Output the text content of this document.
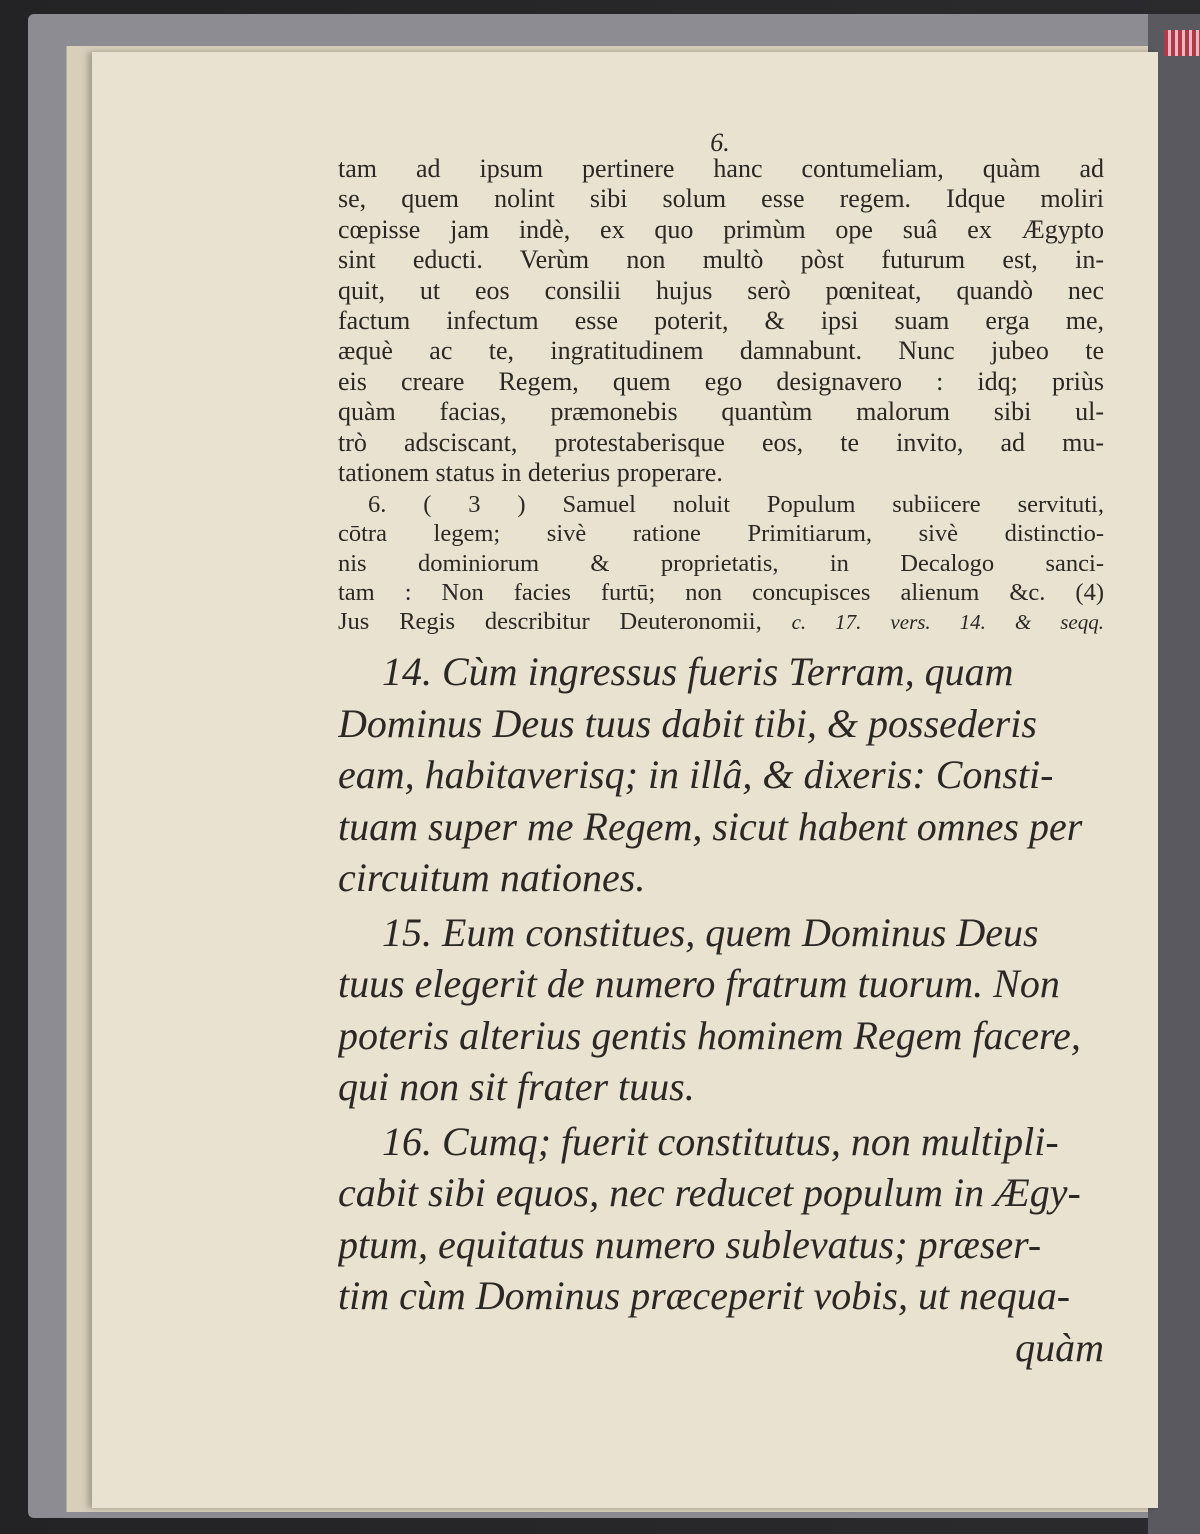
6.
tam ad ipsum pertinere hanc contumeliam, quàm ad
se, quem nolint sibi solum esse regem. Idque moliri
cœpisse jam indè, ex quo primùm ope suâ ex Ægypto
sint educti. Verùm non multò pòst futurum est, in-
quit, ut eos consilii hujus serò pœniteat, quandò nec
factum infectum esse poterit, & ipsi suam erga me,
æquè ac te, ingratitudinem damnabunt. Nunc jubeo te
eis creare Regem, quem ego designavero : idq; priùs
quàm facias, præmonebis quantùm malorum sibi ul-
trò adsciscant, protestaberisque eos, te invito, ad mu-
tationem status in deterius properare.
6. ( 3 ) Samuel noluit Populum subiicere servituti,
cōtra legem; sivè ratione Primitiarum, sivè distinctio-
nis dominiorum & proprietatis, in Decalogo sanci-
tam : Non facies furtū; non concupisces alienum &c. (4)
Jus Regis describitur Deuteronomii, c. 17. vers. 14. & seqq.
14. Cùm ingressus fueris Terram, quam
Dominus Deus tuus dabit tibi, & possederis
eam, habitaverisq; in illâ, & dixeris: Consti-
tuam super me Regem, sicut habent omnes per
circuitum nationes.
15. Eum constitues, quem Dominus Deus
tuus elegerit de numero fratrum tuorum. Non
poteris alterius gentis hominem Regem facere,
qui non sit frater tuus.
16. Cumq; fuerit constitutus, non multipli-
cabit sibi equos, nec reducet populum in Ægy-
ptum, equitatus numero sublevatus; præser-
tim cùm Dominus præceperit vobis, ut nequa-
quàm
